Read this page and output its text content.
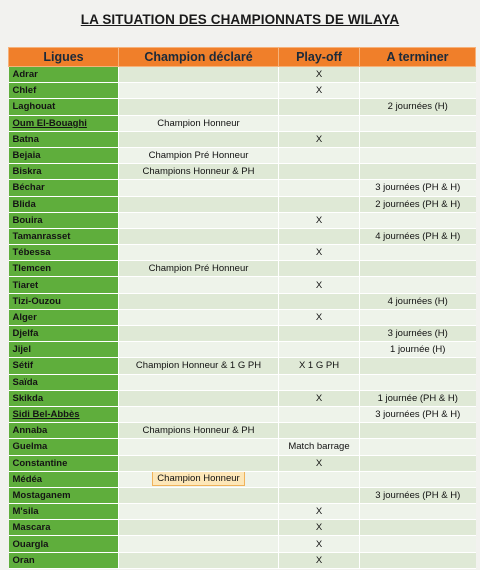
LA SITUATION DES CHAMPIONNATS DE WILAYA
Ligues	Champion déclaré	Play-off	A terminer
Adrar		X	
Chlef		X	
Laghouat			2 journées (H)
Oum El-Bouaghi	Champion Honneur		
Batna		X	
Bejaia	Champion Pré Honneur		
Biskra	Champions Honneur & PH		
Béchar			3 journées (PH & H)
Blida			2 journées (PH & H)
Bouira		X	
Tamanrasset			4 journées (PH & H)
Tébessa		X	
Tlemcen	Champion Pré Honneur		
Tiaret		X	
Tizi-Ouzou			4 journées (H)
Alger		X	
Djelfa			3 journées (H)
Jijel			1 journée (H)
Sétif	Champion Honneur & 1 G PH	X 1 G PH	
Saïda			
Skikda		X	1 journée (PH & H)
Sidi Bel-Abbès			3 journées (PH & H)
Annaba	Champions Honneur & PH		
Guelma		Match barrage	
Constantine		X	
Médéa	Champion Honneur		
Mostaganem			3 journées (PH & H)
M'sila		X	
Mascara		X	
Ouargla		X	
Oran		X	
